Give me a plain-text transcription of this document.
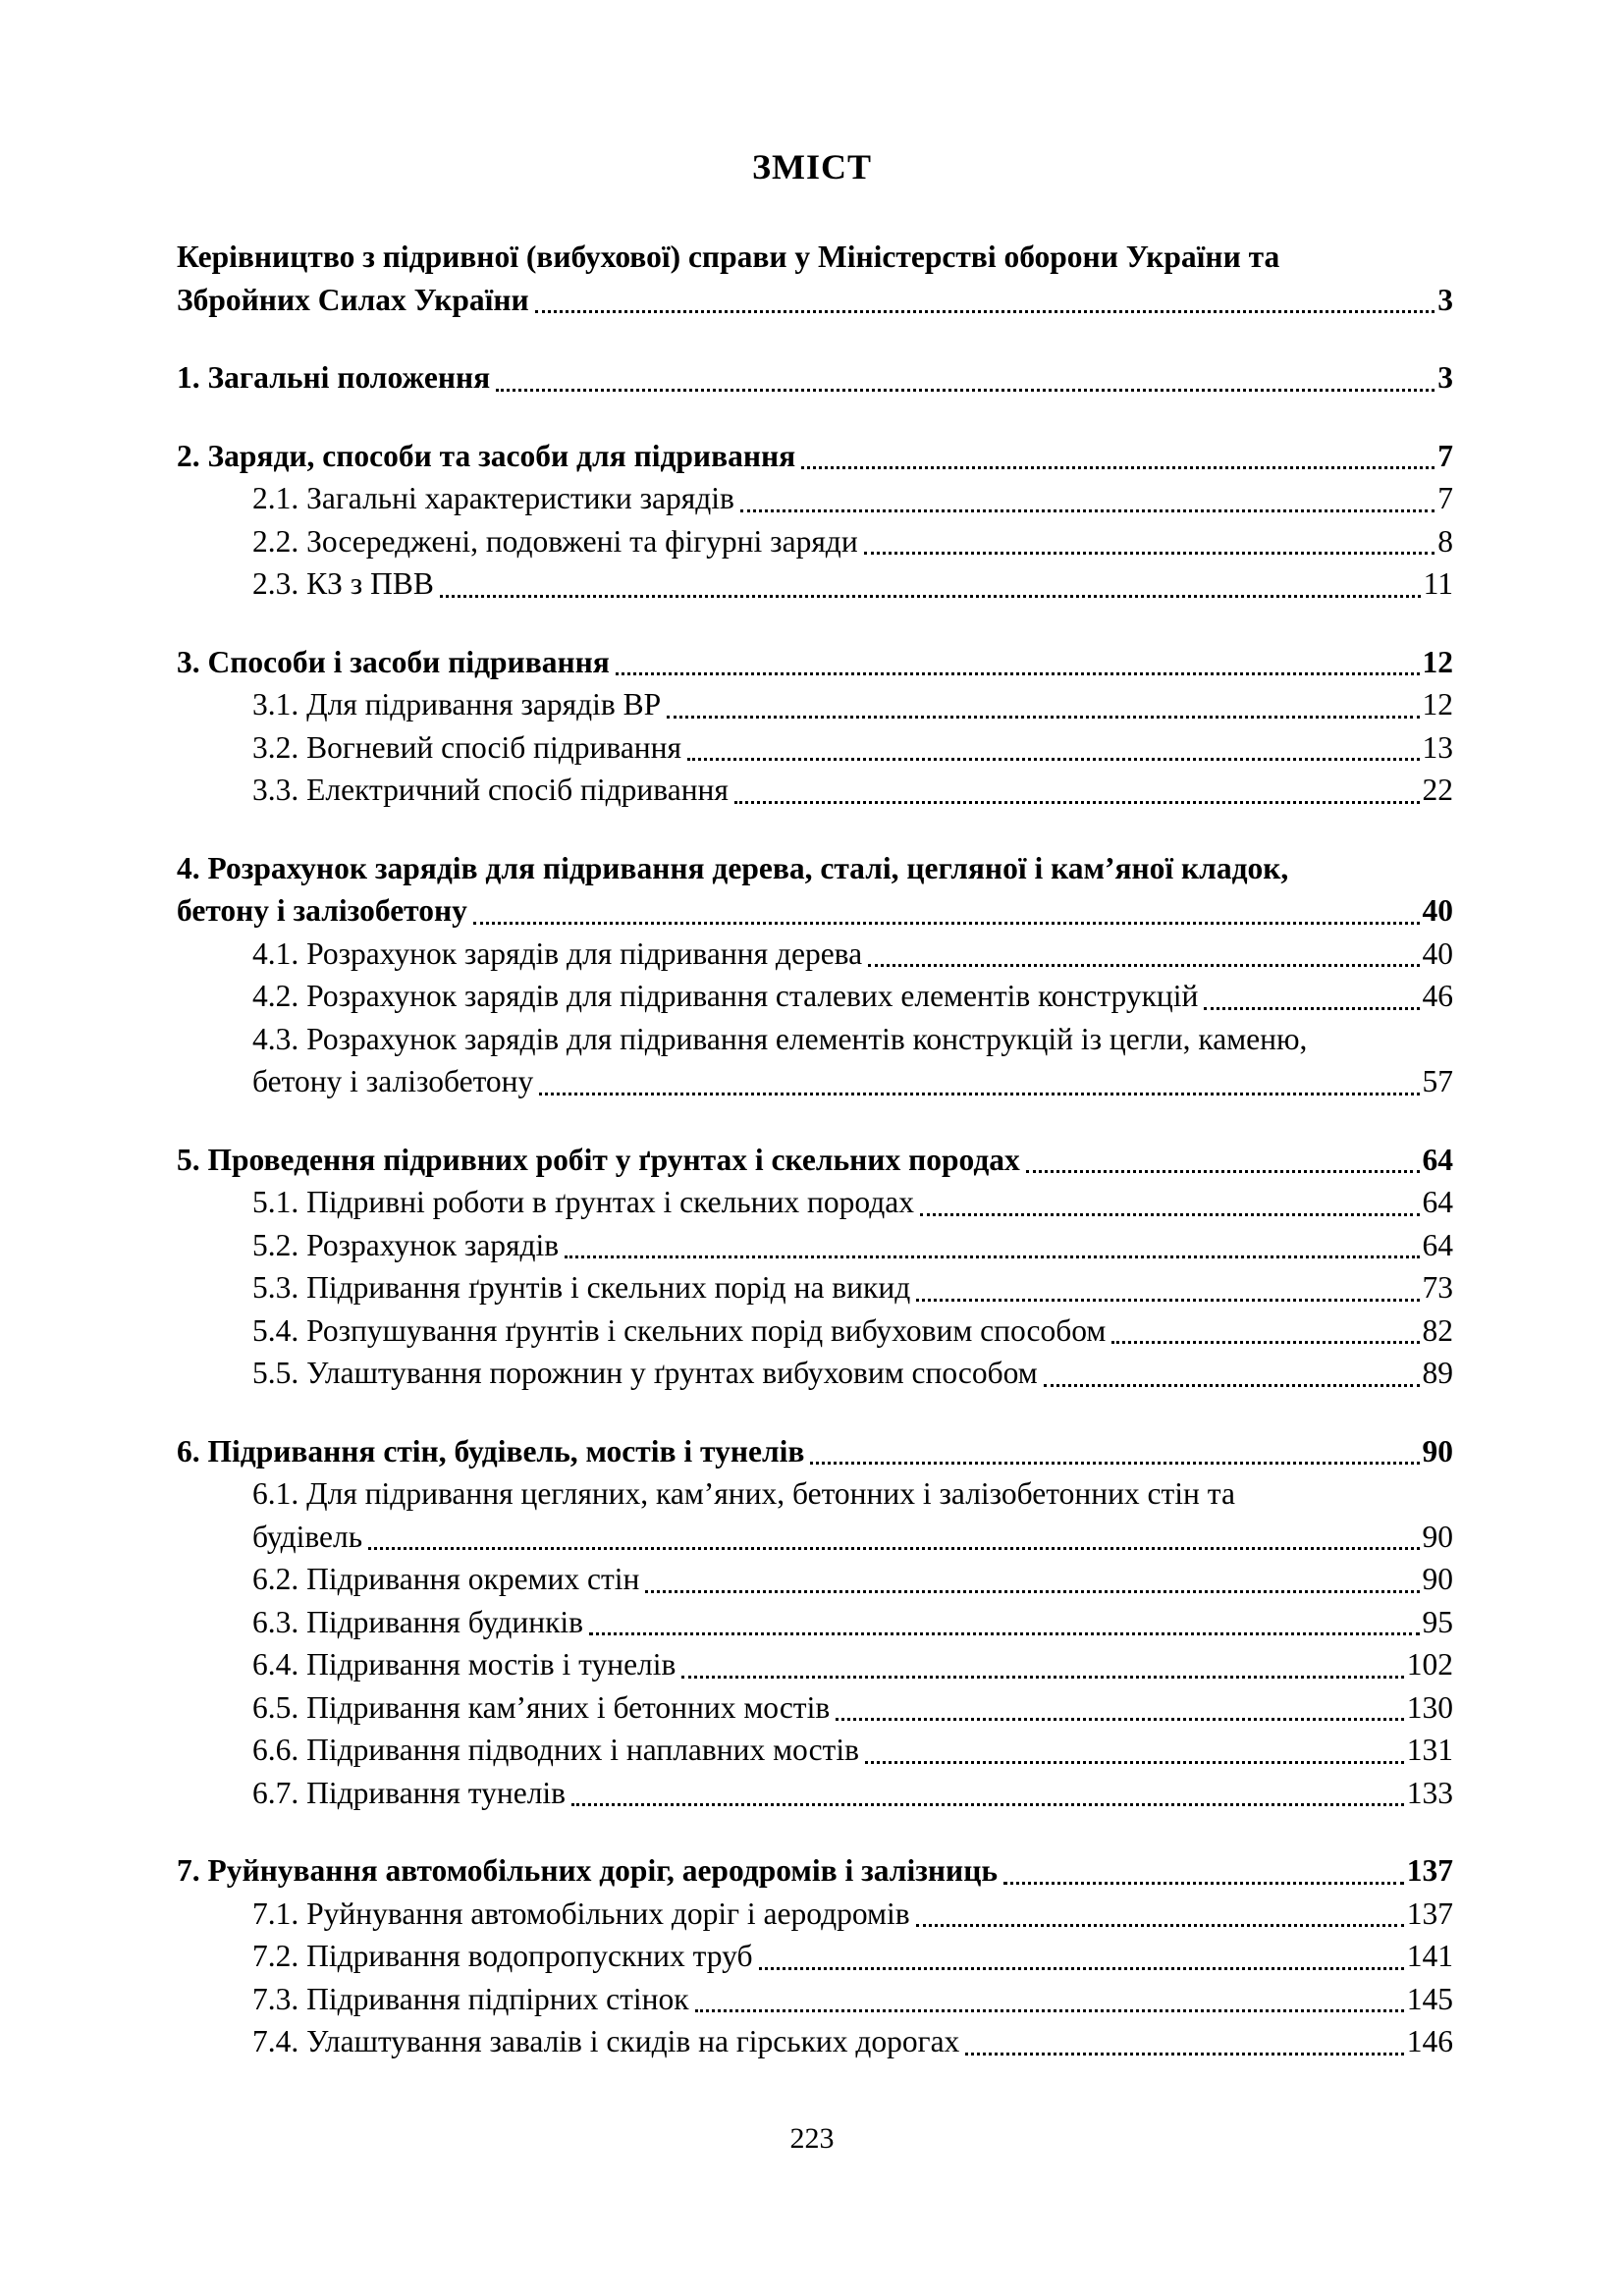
ЗМІСТ
Керівництво з підривної (вибухової) справи у Міністерстві оборони України та
Збройних Силах України	3
1. Загальні положення	3
2. Заряди, способи та засоби для підривання	7
2.1. Загальні характеристики зарядів	7
2.2. Зосереджені, подовжені та фігурні заряди	8
2.3. КЗ з ПВВ	11
3. Способи і засоби підривання	12
3.1. Для підривання зарядів ВР	12
3.2. Вогневий спосіб підривання	13
3.3. Електричний спосіб підривання	22
4. Розрахунок зарядів для підривання дерева, сталі, цегляної і кам’яної кладок,
бетону і залізобетону	40
4.1. Розрахунок зарядів для підривання дерева	40
4.2. Розрахунок зарядів для підривання сталевих елементів конструкцій	46
4.3. Розрахунок зарядів для підривання елементів конструкцій із цегли, каменю,
бетону і залізобетону	57
5. Проведення підривних робіт у ґрунтах і скельних породах	64
5.1. Підривні роботи в ґрунтах і скельних породах	64
5.2. Розрахунок зарядів	64
5.3. Підривання ґрунтів і скельних порід на викид	73
5.4. Розпушування ґрунтів і скельних порід вибуховим способом	82
5.5. Улаштування порожнин у ґрунтах вибуховим способом	89
6. Підривання стін, будівель, мостів і тунелів	90
6.1. Для підривання цегляних, кам’яних, бетонних і залізобетонних стін та
будівель	90
6.2. Підривання окремих стін	90
6.3. Підривання будинків	95
6.4. Підривання мостів і тунелів	102
6.5. Підривання кам’яних і бетонних мостів	130
6.6. Підривання підводних і наплавних мостів	131
6.7. Підривання тунелів	133
7. Руйнування автомобільних доріг, аеродромів і залізниць	137
7.1. Руйнування автомобільних доріг і аеродромів	137
7.2. Підривання водопропускних труб	141
7.3. Підривання підпірних стінок	145
7.4. Улаштування завалів і скидів на гірських дорогах	146
223
